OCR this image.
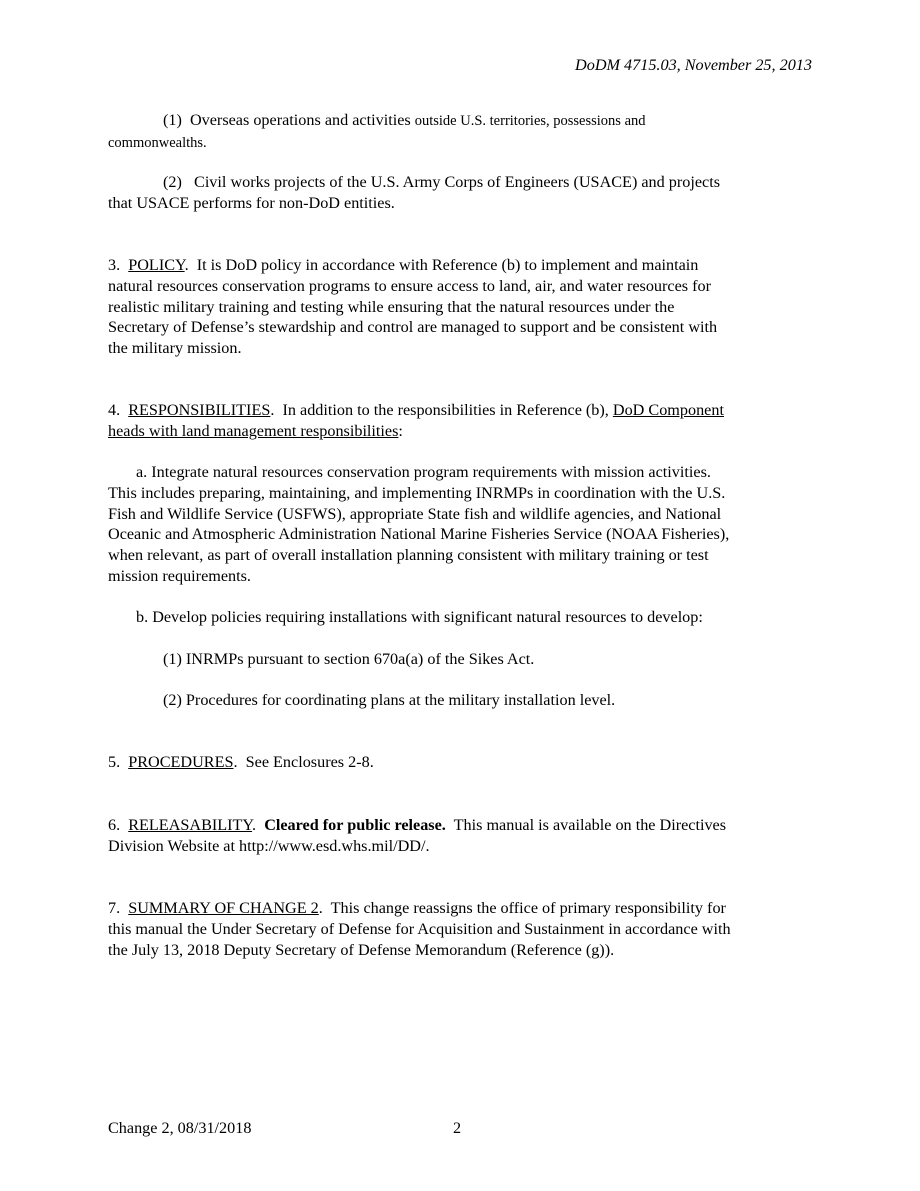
DoDM 4715.03, November 25, 2013

(1) Overseas operations and activities outside U.S. territories, possessions and
commonwealths.

(2) Civil works projects of the U.S. Army Corps of Engineers (USACE) and projects
that USACE performs for non-DoD entities.

3. POLICY.  It is DoD policy in accordance with Reference (b) to implement and maintain
natural resources conservation programs to ensure access to land, air, and water resources for
realistic military training and testing while ensuring that the natural resources under the
Secretary of Defense’s stewardship and control are managed to support and be consistent with
the military mission.

4. RESPONSIBILITIES.  In addition to the responsibilities in Reference (b), DoD Component
heads with land management responsibilities:

a. Integrate natural resources conservation program requirements with mission activities.
This includes preparing, maintaining, and implementing INRMPs in coordination with the U.S.
Fish and Wildlife Service (USFWS), appropriate State fish and wildlife agencies, and National
Oceanic and Atmospheric Administration National Marine Fisheries Service (NOAA Fisheries),
when relevant, as part of overall installation planning consistent with military training or test
mission requirements.

b. Develop policies requiring installations with significant natural resources to develop:

(1) INRMPs pursuant to section 670a(a) of the Sikes Act.

(2) Procedures for coordinating plans at the military installation level.

5. PROCEDURES.  See Enclosures 2-8.

6. RELEASABILITY.  Cleared for public release. This manual is available on the Directives
Division Website at http://www.esd.whs.mil/DD/.

7. SUMMARY OF CHANGE 2.  This change reassigns the office of primary responsibility for
this manual the Under Secretary of Defense for Acquisition and Sustainment in accordance with
the July 13, 2018 Deputy Secretary of Defense Memorandum (Reference (g)).

Change 2, 08/31/2018	2
